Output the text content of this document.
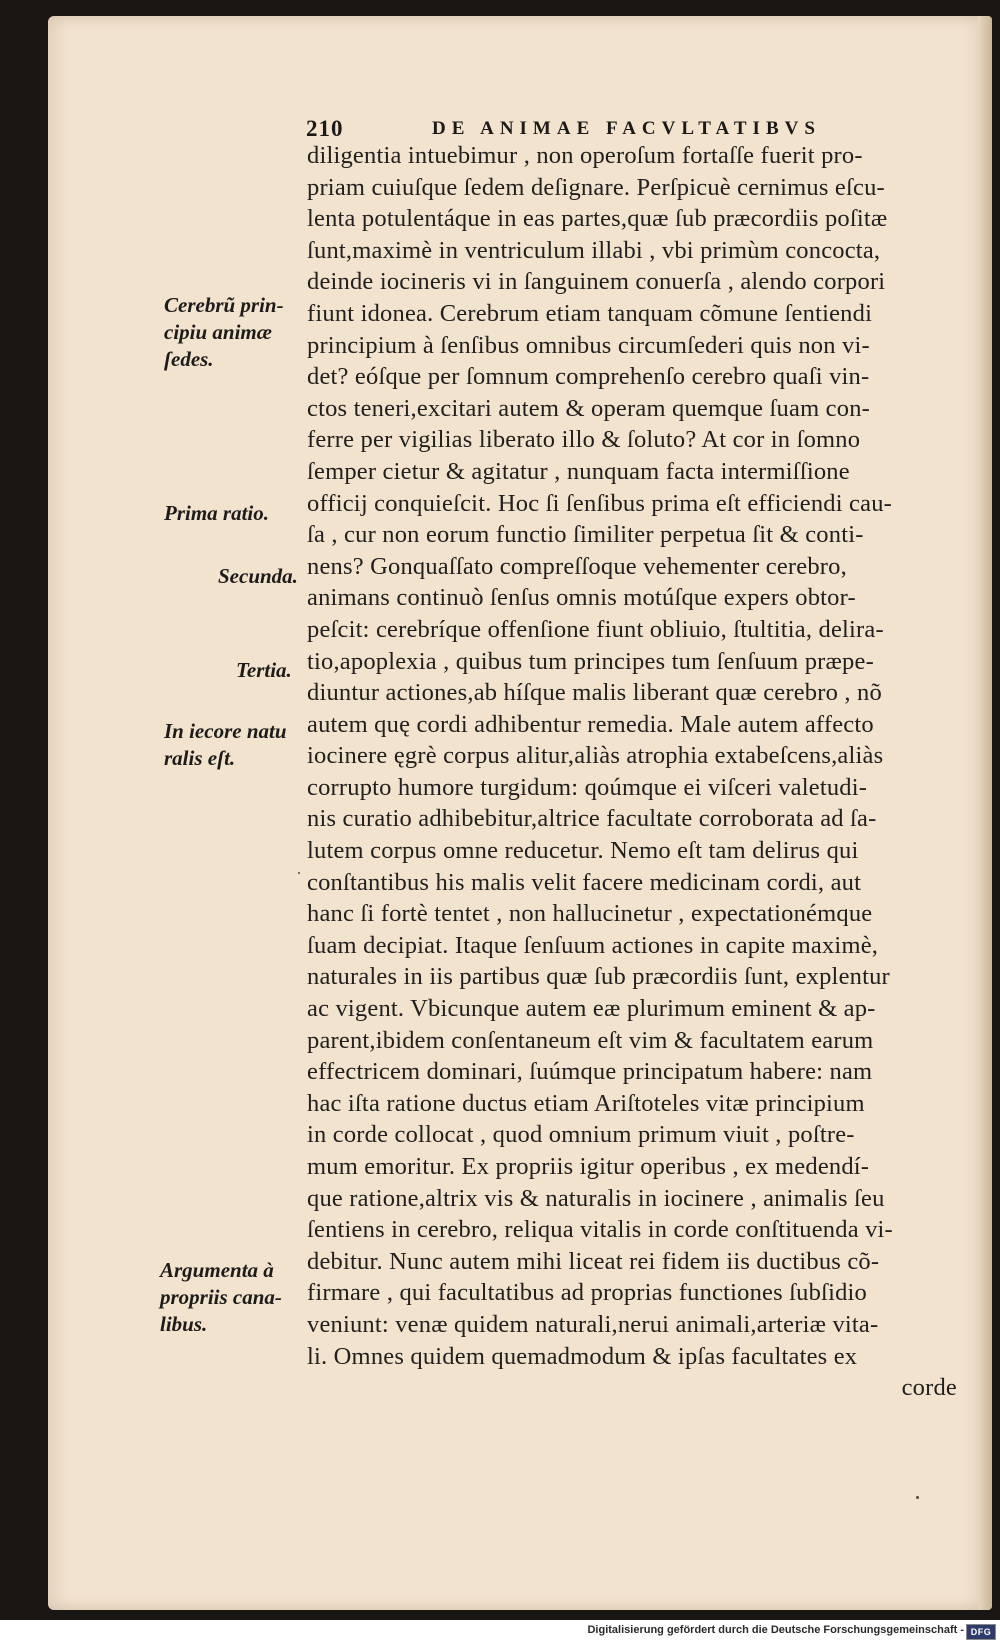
210	DE ANIMAE FACVLTATIBVS
diligentia intuebimur , non operoſum fortaſſe fuerit pro-
priam cuiuſque ſedem deſignare. Perſpicuè cernimus eſcu-
lenta potulentáque in eas partes,quæ ſub præcordiis poſitæ
ſunt,maximè in ventriculum illabi , vbi primùm concocta,
deinde iocineris vi in ſanguinem conuerſa , alendo corpori
fiunt idonea. Cerebrum etiam tanquam cõmune ſentiendi
principium à ſenſibus omnibus circumſederi quis non vi-
det? eóſque per ſomnum comprehenſo cerebro quaſi vin-
ctos teneri,excitari autem & operam quemque ſuam con-
ferre per vigilias liberato illo & ſoluto? At cor in ſomno
ſemper cietur & agitatur , nunquam facta intermiſſione
officij conquieſcit. Hoc ſi ſenſibus prima eſt efficiendi cau-
ſa , cur non eorum functio ſimiliter perpetua ſit & conti-
nens? Gonquaſſato compreſſoque vehementer cerebro,
animans continuò ſenſus omnis motúſque expers obtor-
peſcit: cerebríque offenſione fiunt obliuio, ſtultitia, delira-
tio,apoplexia , quibus tum principes tum ſenſuum præpe-
diuntur actiones,ab híſque malis liberant quæ cerebro , nõ
autem quę cordi adhibentur remedia. Male autem affecto
iocinere ęgrè corpus alitur,aliàs atrophia extabeſcens,aliàs
corrupto humore turgidum: qoúmque ei viſceri valetudi-
nis curatio adhibebitur,altrice facultate corroborata ad ſa-
lutem corpus omne reducetur. Nemo eſt tam delirus qui
conſtantibus his malis velit facere medicinam cordi, aut
hanc ſi fortè tentet , non hallucinetur , expectationémque
ſuam decipiat. Itaque ſenſuum actiones in capite maximè,
naturales in iis partibus quæ ſub præcordiis ſunt, explentur
ac vigent. Vbicunque autem eæ plurimum eminent & ap-
parent,ibidem conſentaneum eſt vim & facultatem earum
effectricem dominari, ſuúmque principatum habere: nam
hac iſta ratione ductus etiam Ariſtoteles vitæ principium
in corde collocat , quod omnium primum viuit , poſtre-
mum emoritur. Ex propriis igitur operibus , ex medendí-
que ratione,altrix vis & naturalis in iocinere , animalis ſeu
ſentiens in cerebro, reliqua vitalis in corde conſtituenda vi-
debitur. Nunc autem mihi liceat rei fidem iis ductibus cõ-
firmare , qui facultatibus ad proprias functiones ſubſidio
veniunt: venæ quidem naturali,nerui animali,arteriæ vita-
li. Omnes quidem quemadmodum & ipſas facultates ex
corde
Cerebrũ prin-
cipiu animæ
ſedes.
Prima ratio.
Secunda.
Tertia.
In iecore natu
ralis eſt.
Argumenta à
propriis cana-
libus.
Digitalisierung gefördert durch die Deutsche Forschungsgemeinschaft - DFG
